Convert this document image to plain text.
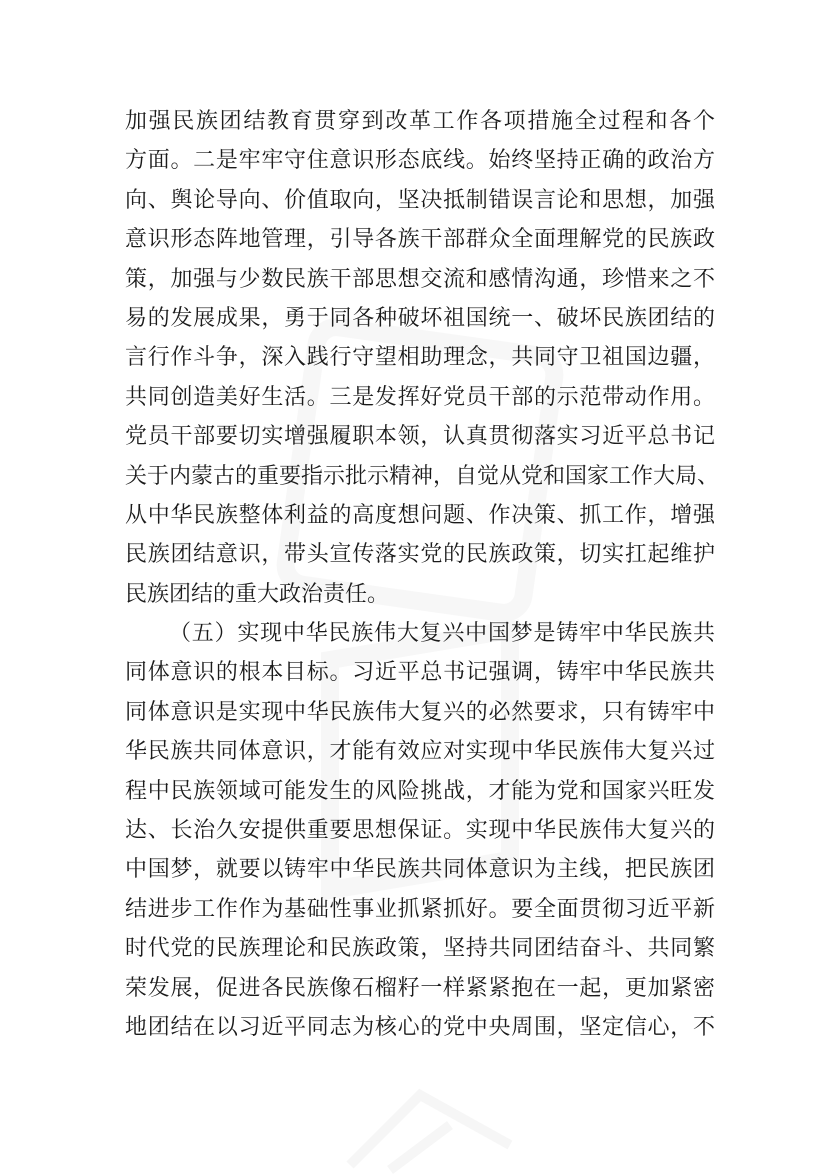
加强民族团结教育贯穿到改革工作各项措施全过程和各个
方面。二是牢牢守住意识形态底线。始终坚持正确的政治方
向、舆论导向、价值取向，坚决抵制错误言论和思想，加强
意识形态阵地管理，引导各族干部群众全面理解党的民族政
策，加强与少数民族干部思想交流和感情沟通，珍惜来之不
易的发展成果，勇于同各种破坏祖国统一、破坏民族团结的
言行作斗争，深入践行守望相助理念，共同守卫祖国边疆，
共同创造美好生活。三是发挥好党员干部的示范带动作用。
党员干部要切实增强履职本领，认真贯彻落实习近平总书记
关于内蒙古的重要指示批示精神，自觉从党和国家工作大局、
从中华民族整体利益的高度想问题、作决策、抓工作，增强
民族团结意识，带头宣传落实党的民族政策，切实扛起维护
民族团结的重大政治责任。
（五）实现中华民族伟大复兴中国梦是铸牢中华民族共
同体意识的根本目标。习近平总书记强调，铸牢中华民族共
同体意识是实现中华民族伟大复兴的必然要求，只有铸牢中
华民族共同体意识，才能有效应对实现中华民族伟大复兴过
程中民族领域可能发生的风险挑战，才能为党和国家兴旺发
达、长治久安提供重要思想保证。实现中华民族伟大复兴的
中国梦，就要以铸牢中华民族共同体意识为主线，把民族团
结进步工作作为基础性事业抓紧抓好。要全面贯彻习近平新
时代党的民族理论和民族政策，坚持共同团结奋斗、共同繁
荣发展，促进各民族像石榴籽一样紧紧抱在一起，更加紧密
地团结在以习近平同志为核心的党中央周围，坚定信心，不
